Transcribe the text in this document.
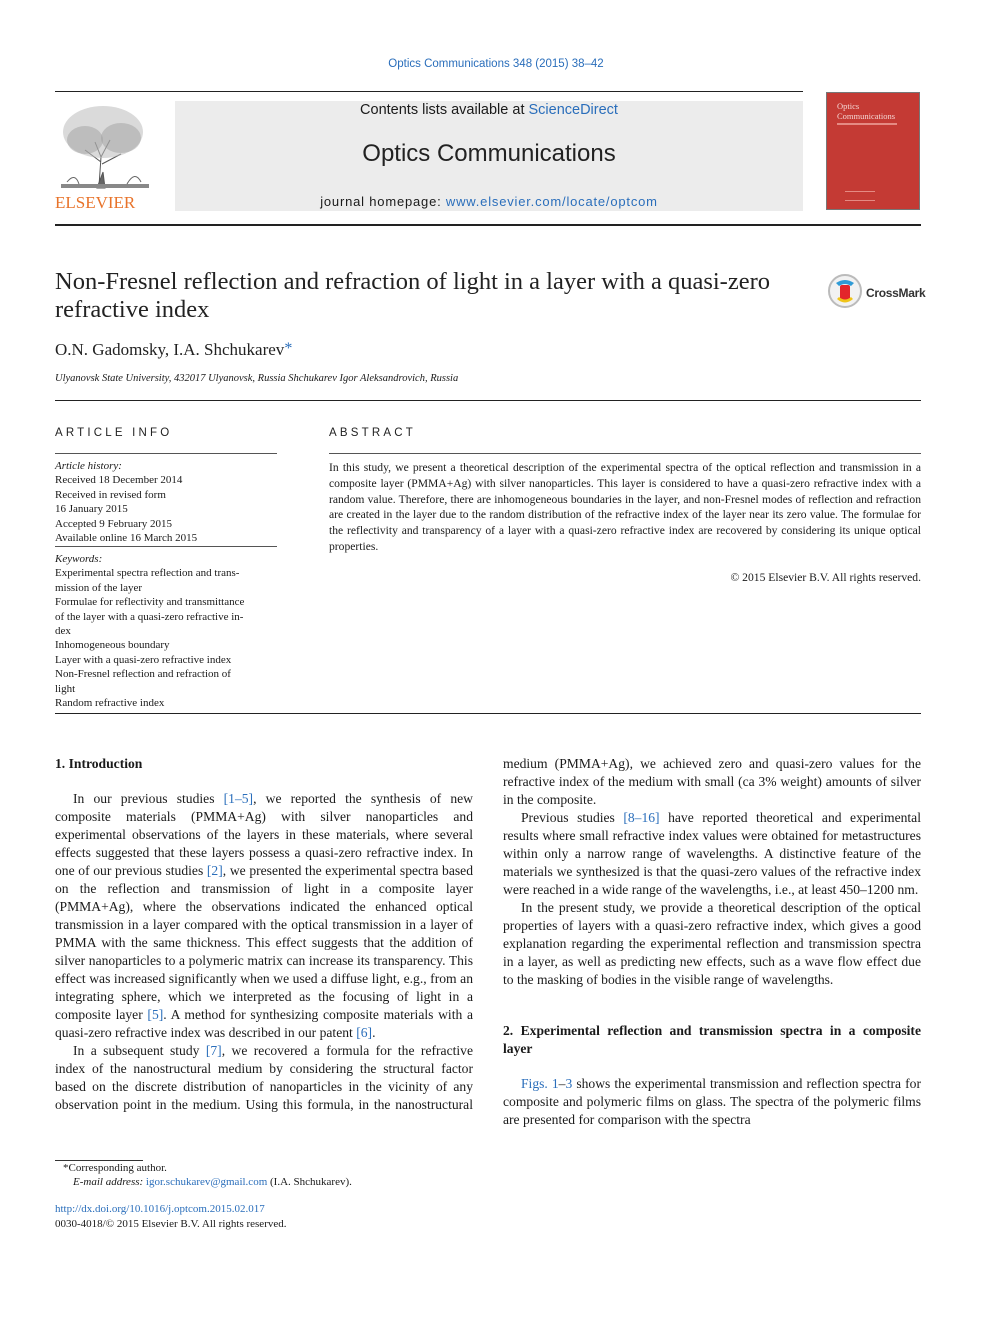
Optics Communications 348 (2015) 38–42
ELSEVIER
Contents lists available at ScienceDirect
Optics Communications
journal homepage: www.elsevier.com/locate/optcom
Optics
Communications
Non-Fresnel reflection and refraction of light in a layer with a quasi-zero refractive index
CrossMark
O.N. Gadomsky, I.A. Shchukarev*
Ulyanovsk State University, 432017 Ulyanovsk, Russia Shchukarev Igor Aleksandrovich, Russia
ARTICLE INFO	ABSTRACT
Article history:
Received 18 December 2014
Received in revised form
16 January 2015
Accepted 9 February 2015
Available online 16 March 2015
Keywords:
Experimental spectra reflection and trans-
mission of the layer
Formulae for reflectivity and transmittance
of the layer with a quasi-zero refractive in-
dex
Inhomogeneous boundary
Layer with a quasi-zero refractive index
Non-Fresnel reflection and refraction of
light
Random refractive index
In this study, we present a theoretical description of the experimental spectra of the optical reflection and transmission in a composite layer (PMMA+Ag) with silver nanoparticles. This layer is considered to have a quasi-zero refractive index with a random value. Therefore, there are inhomogeneous boundaries in the layer, and non-Fresnel modes of reflection and refraction are created in the layer due to the random distribution of the refractive index of the layer near its zero value. The formulae for the reflectivity and transparency of a layer with a quasi-zero refractive index are recovered by considering its unique optical properties.
© 2015 Elsevier B.V. All rights reserved.
1. Introduction

In our previous studies [1–5], we reported the synthesis of new composite materials (PMMA+Ag) with silver nanoparticles and experimental observations of the layers in these materials, where several effects suggested that these layers possess a quasi-zero refractive index. In one of our previous studies [2], we presented the experimental spectra based on the reflection and transmission of light in a composite layer (PMMA+Ag), where the observations indicated the enhanced optical transmission in a layer compared with the optical transmission in a layer of PMMA with the same thickness. This effect suggests that the addition of silver nanoparticles to a polymeric matrix can increase its transparency. This effect was increased significantly when we used a diffuse light, e.g., from an integrating sphere, which we interpreted as the focusing of light in a composite layer [5]. A method for synthesizing composite materials with a quasi-zero refractive index was described in our patent [6].

In a subsequent study [7], we recovered a formula for the refractive index of the nanostructural medium by considering the structural factor based on the discrete distribution of nanoparticles in the vicinity of any observation point in the medium. Using this formula, in the nanostructural

*Corresponding author.
E-mail address: igor.schukarev@gmail.com (I.A. Shchukarev).
http://dx.doi.org/10.1016/j.optcom.2015.02.017
0030-4018/© 2015 Elsevier B.V. All rights reserved.

medium (PMMA+Ag), we achieved zero and quasi-zero values for the refractive index of the medium with small (ca 3% weight) amounts of silver in the composite.

Previous studies [8–16] have reported theoretical and experimental results where small refractive index values were obtained for metastructures within only a narrow range of wavelengths. A distinctive feature of the materials we synthesized is that the quasi-zero values of the refractive index were reached in a wide range of the wavelengths, i.e., at least 450–1200 nm.

In the present study, we provide a theoretical description of the optical properties of layers with a quasi-zero refractive index, which gives a good explanation regarding the experimental reflection and transmission spectra in a layer, as well as predicting new effects, such as a wave flow effect due to the masking of bodies in the visible range of wavelengths.

2. Experimental reflection and transmission spectra in a composite layer

Figs. 1–3 shows the experimental transmission and reflection spectra for composite and polymeric films on glass. The spectra of the polymeric films are presented for comparison with the spectra
